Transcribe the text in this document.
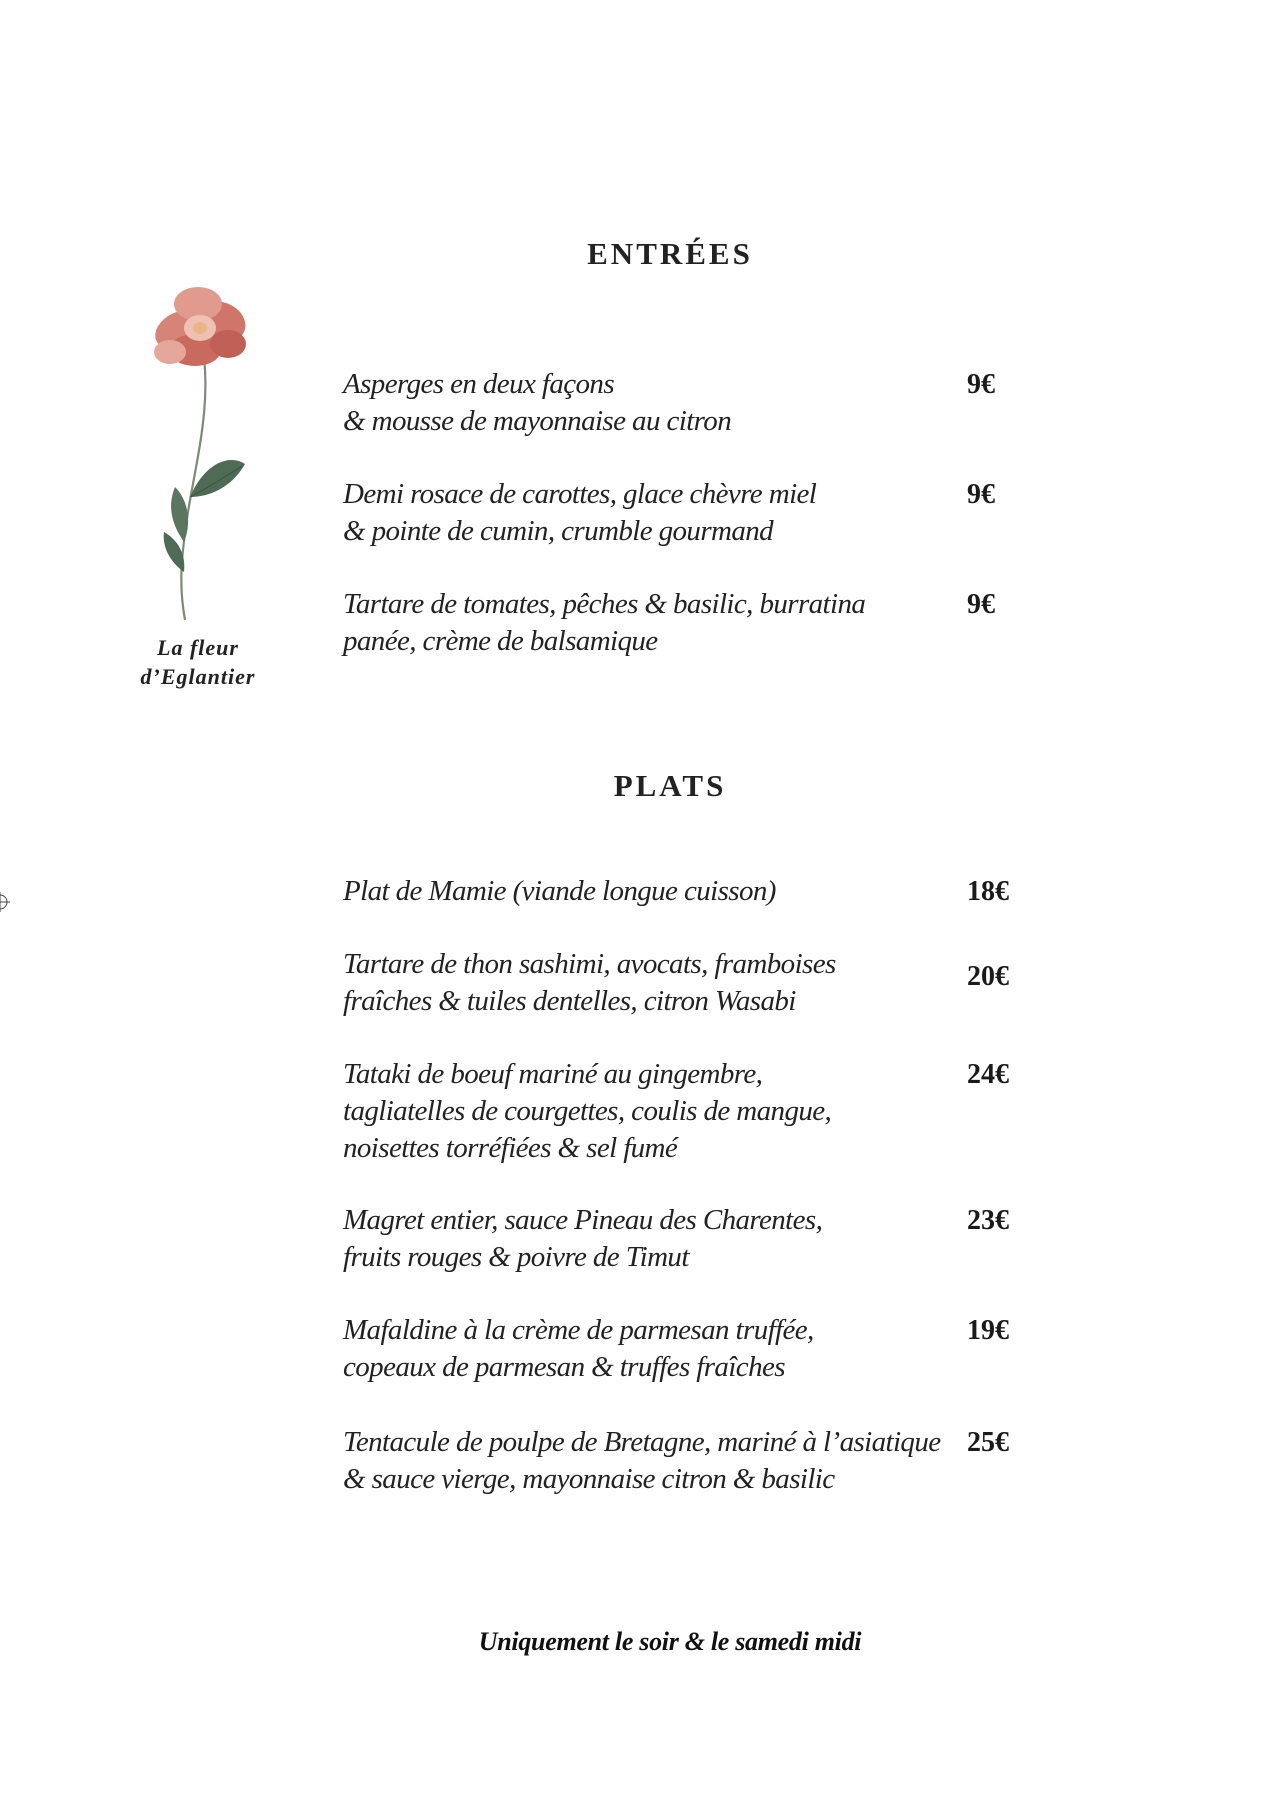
La fleur
d’Eglantier
ENTRÉES
Asperges en deux façons
& mousse de mayonnaise au citron
9€
Demi rosace de carottes, glace chèvre miel
& pointe de cumin, crumble gourmand
9€
Tartare de tomates, pêches & basilic, burratina
panée, crème de balsamique
9€
PLATS
Plat de Mamie (viande longue cuisson)	18€
Tartare de thon sashimi, avocats, framboises
fraîches & tuiles dentelles, citron Wasabi
20€
Tataki de boeuf mariné au gingembre,
tagliatelles de courgettes, coulis de mangue,
noisettes torréfiées & sel fumé
24€
Magret entier, sauce Pineau des Charentes,
fruits rouges & poivre de Timut
23€
Mafaldine à la crème de parmesan truffée,
copeaux de parmesan & truffes fraîches
19€
Tentacule de poulpe de Bretagne, mariné à l’asiatique
& sauce vierge, mayonnaise citron & basilic
25€
Uniquement le soir & le samedi midi
